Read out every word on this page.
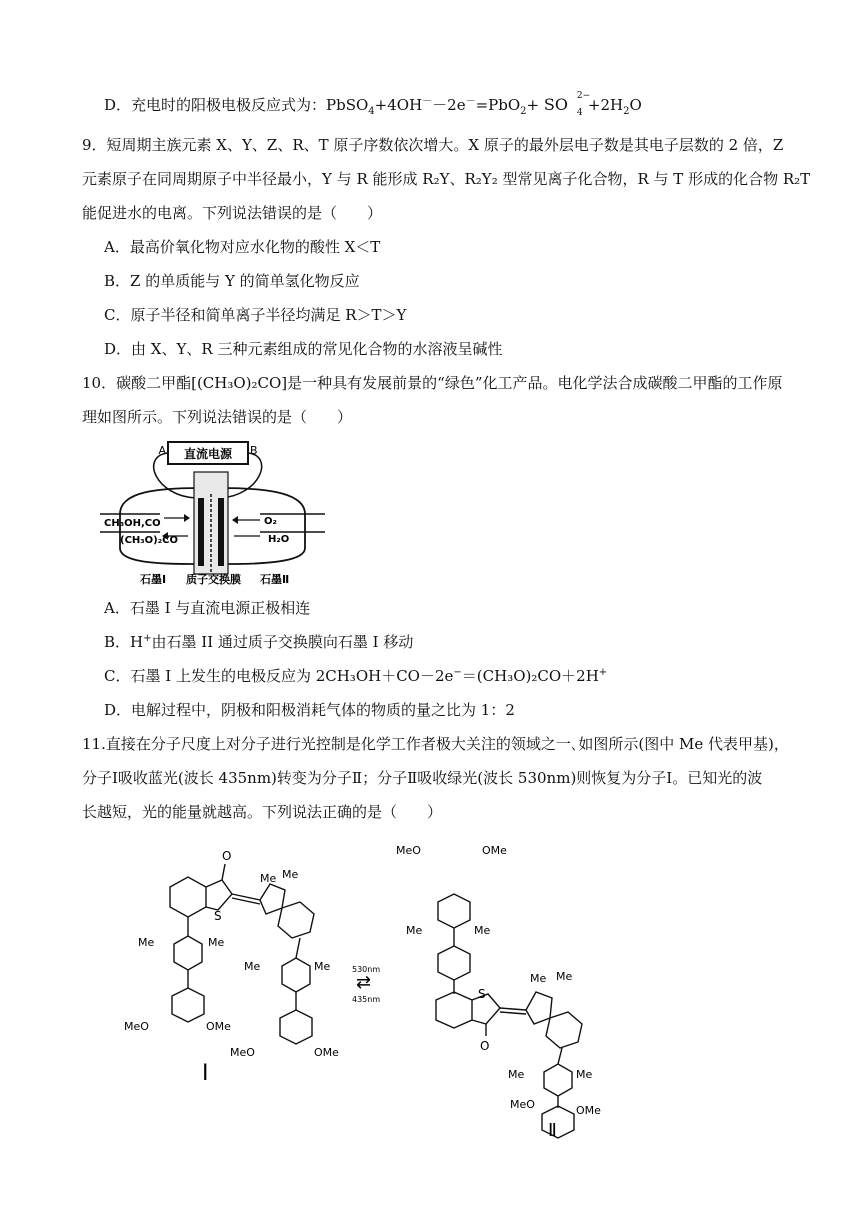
D．充电时的阳极电极反应式为：PbSO$_4$+4OH－－2e－=PbO$_2$+ SO 2−
$4 +2H_2O$
9．短周期主族元素 X、Y、Z、R、T 原子序数依次增大。X 原子的最外层电子数是其电子层数的 2 倍，Z
元素原子在同周期原子中半径最小，Y 与 R 能形成 R₂Y、R₂Y₂ 型常见离子化合物，R 与 T 形成的化合物 R₂T
能促进水的电离。下列说法错误的是（　　）
A．最高价氧化物对应水化物的酸性 X＜T
B．Z 的单质能与 Y 的简单氢化物反应
C．原子半径和简单离子半径均满足 R＞T＞Y
D．由 X、Y、R 三种元素组成的常见化合物的水溶液呈碱性
10．碳酸二甲酯[(CH₃O)₂CO]是一种具有发展前景的“绿色”化工产品。电化学法合成碳酸二甲酯的工作原
理如图所示。下列说法错误的是（　　）
直流电源
A	B
CH₃OH,CO
(CH₃O)₂CO
O₂
H₂O
石墨Ⅰ 质子交换膜 石墨Ⅱ
A．石墨 I 与直流电源正极相连
B．H+由石墨 II 通过质子交换膜向石墨 I 移动
C．石墨 I 上发生的电极反应为 2CH₃OH＋CO－2e−＝(CH₃O)₂CO＋2H+
D．电解过程中，阴极和阳极消耗气体的物质的量之比为 1：2
11.直接在分子尺度上对分子进行光控制是化学工作者极大关注的领域之一､如图所示(图中 Me 代表甲基)，
分子Ⅰ吸收蓝光(波长 435nm)转变为分子Ⅱ；分子Ⅱ吸收绿光(波长 530nm)则恢复为分子Ⅰ。已知光的波
长越短，光的能量就越高。下列说法正确的是（　　）
O
S
Me Me
Me	Me
MeO	OMe
Me	Me
MeO	OMe
Ⅰ
530nm
⇄
435nm
MeO	OMe
Me	Me
S
O
Me Me
Me	Me
MeO	OMe
Ⅱ
